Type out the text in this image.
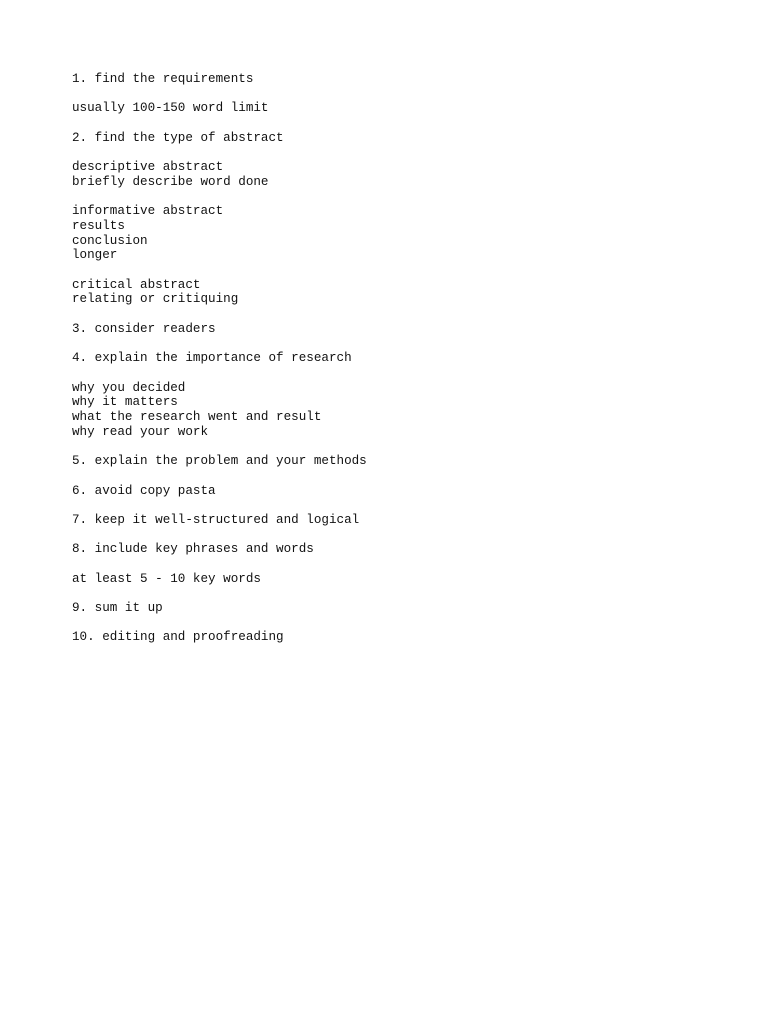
1. find the requirements
usually 100-150 word limit
2. find the type of abstract
descriptive abstract
briefly describe word done
informative abstract
results
conclusion
longer
critical abstract
relating or critiquing
3. consider readers
4. explain the importance of research
why you decided
why it matters
what the research went and result
why read your work
5. explain the problem and your methods
6. avoid copy pasta
7. keep it well-structured and logical
8. include key phrases and words
at least 5 - 10 key words
9. sum it up
10. editing and proofreading
